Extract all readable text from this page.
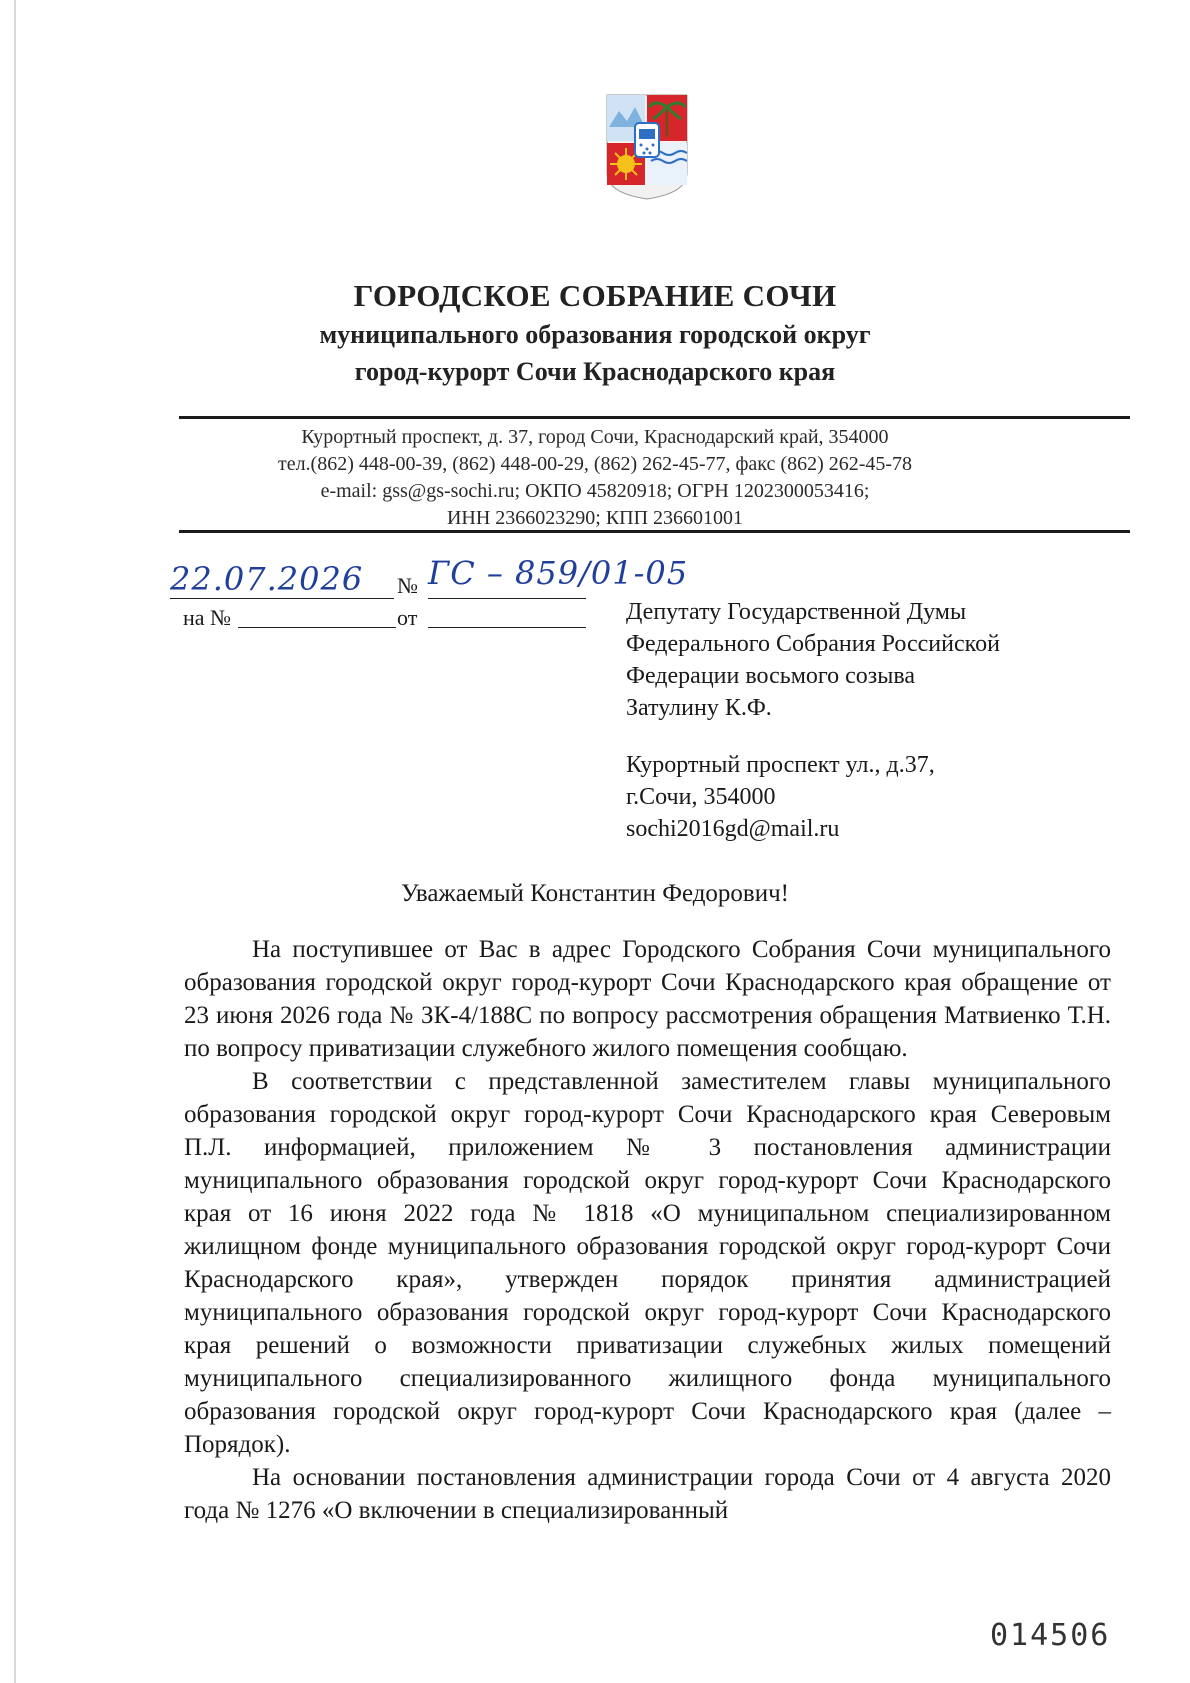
ГОРОДСКОЕ СОБРАНИЕ СОЧИ
муниципального образования городской округ
город-курорт Сочи Краснодарского края
Курортный проспект, д. 37, город Сочи, Краснодарский край, 354000
тел.(862) 448-00-39, (862) 448-00-29, (862) 262-45-77, факс (862) 262-45-78
e-mail: gss@gs-sochi.ru; ОКПО 45820918; ОГРН 1202300053416;
ИНН 2366023290; КПП 236601001
22.07.2026 № ГС – 859/01-05
на №	от	Депутату Государственной Думы
Федерального Собрания Российской
Федерации восьмого созыва
Затулину К.Ф.
Курортный проспект ул., д.37,
г.Сочи, 354000
sochi2016gd@mail.ru
Уважаемый Константин Федорович!

На поступившее от Вас в адрес Городского Собрания Сочи муниципального образования городской округ город-курорт Сочи Краснодарского края обращение от 23 июня 2026 года № ЗК-4/188С по вопросу рассмотрения обращения Матвиенко Т.Н. по вопросу приватизации служебного жилого помещения сообщаю.

В соответствии с представленной заместителем главы муниципального образования городской округ город-курорт Сочи Краснодарского края Северовым П.Л. информацией, приложением № 3 постановления администрации муниципального образования городской округ город-курорт Сочи Краснодарского края от 16 июня 2022 года № 1818 «О муниципальном специализированном жилищном фонде муниципального образования городской округ город-курорт Сочи Краснодарского края», утвержден порядок принятия администрацией муниципального образования городской округ город-курорт Сочи Краснодарского края решений о возможности приватизации служебных жилых помещений муниципального специализированного жилищного фонда муниципального образования городской округ город-курорт Сочи Краснодарского края (далее – Порядок).

На основании постановления администрации города Сочи от 4 августа 2020 года № 1276 «О включении в специализированный

014506
